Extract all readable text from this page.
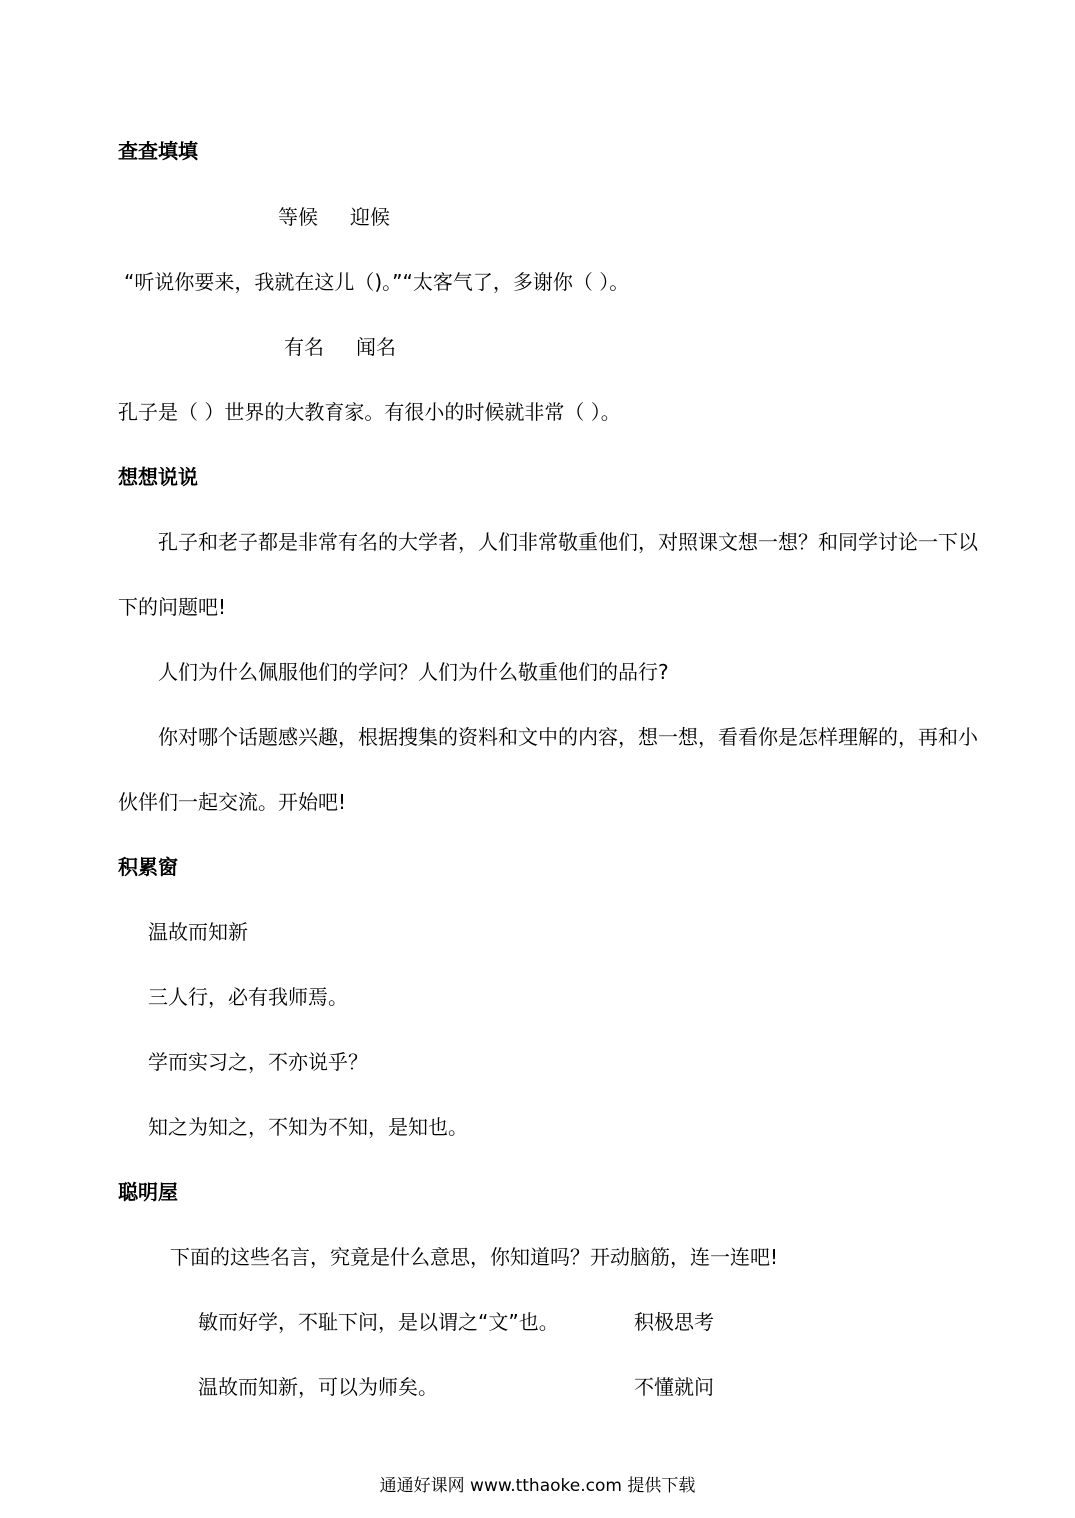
查查填填
等候 迎候
“听说你要来，我就在这儿（)。”“太客气了，多谢你（ ）。
有名 闻名
孔子是（ ）世界的大教育家。有很小的时候就非常（ ）。
想想说说
孔子和老子都是非常有名的大学者，人们非常敬重他们，对照课文想一想？和同学讨论一下以
下的问题吧!
人们为什么佩服他们的学问？人们为什么敬重他们的品行?
你对哪个话题感兴趣，根据搜集的资料和文中的内容，想一想，看看你是怎样理解的，再和小
伙伴们一起交流。开始吧!
积累窗
温故而知新
三人行，必有我师焉。
学而实习之，不亦说乎？
知之为知之，不知为不知，是知也。
聪明屋
下面的这些名言，究竟是什么意思，你知道吗？开动脑筋，连一连吧!
敏而好学，不耻下问，是以谓之“文”也。	积极思考
温故而知新，可以为师矣。	不懂就问
通通好课网 www.tthaoke.com 提供下载
